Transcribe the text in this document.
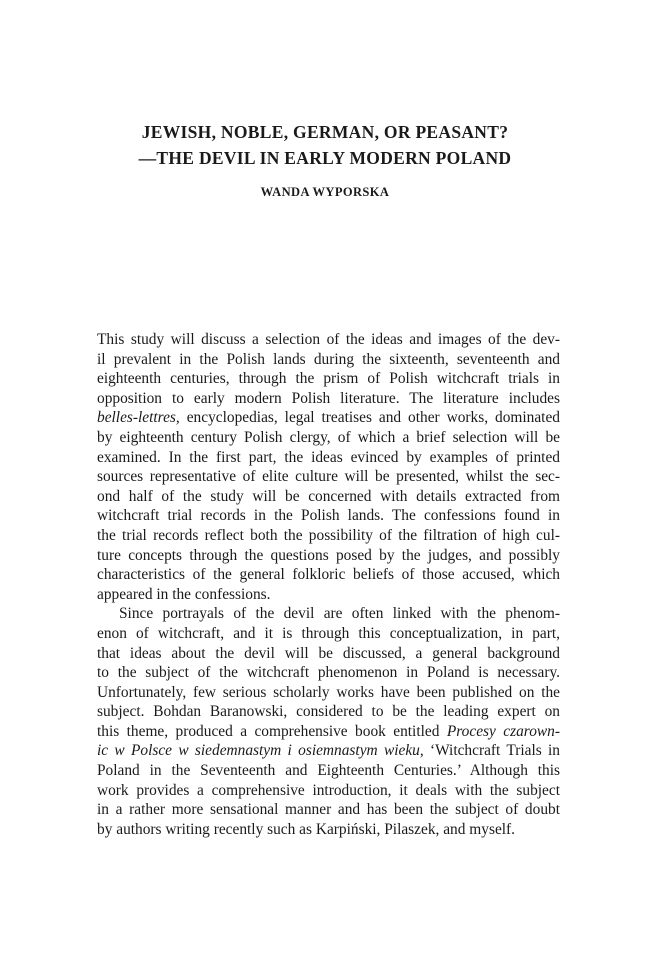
JEWISH, NOBLE, GERMAN, OR PEASANT?
—THE DEVIL IN EARLY MODERN POLAND

WANDA WYPORSKA

This study will discuss a selection of the ideas and images of the dev-
il prevalent in the Polish lands during the sixteenth, seventeenth and
eighteenth centuries, through the prism of Polish witchcraft trials in
opposition to early modern Polish literature. The literature includes
belles-lettres, encyclopedias, legal treatises and other works, dominated
by eighteenth century Polish clergy, of which a brief selection will be
examined. In the first part, the ideas evinced by examples of printed
sources representative of elite culture will be presented, whilst the sec-
ond half of the study will be concerned with details extracted from
witchcraft trial records in the Polish lands. The confessions found in
the trial records reflect both the possibility of the filtration of high cul-
ture concepts through the questions posed by the judges, and possibly
characteristics of the general folkloric beliefs of those accused, which
appeared in the confessions.
Since portrayals of the devil are often linked with the phenom-
enon of witchcraft, and it is through this conceptualization, in part,
that ideas about the devil will be discussed, a general background
to the subject of the witchcraft phenomenon in Poland is necessary.
Unfortunately, few serious scholarly works have been published on the
subject. Bohdan Baranowski, considered to be the leading expert on
this theme, produced a comprehensive book entitled Procesy czarown-
ic w Polsce w siedemnastym i osiemnastym wieku, ‘Witchcraft Trials in
Poland in the Seventeenth and Eighteenth Centuries.’ Although this
work provides a comprehensive introduction, it deals with the subject
in a rather more sensational manner and has been the subject of doubt
by authors writing recently such as Karpiński, Pilaszek, and myself.
